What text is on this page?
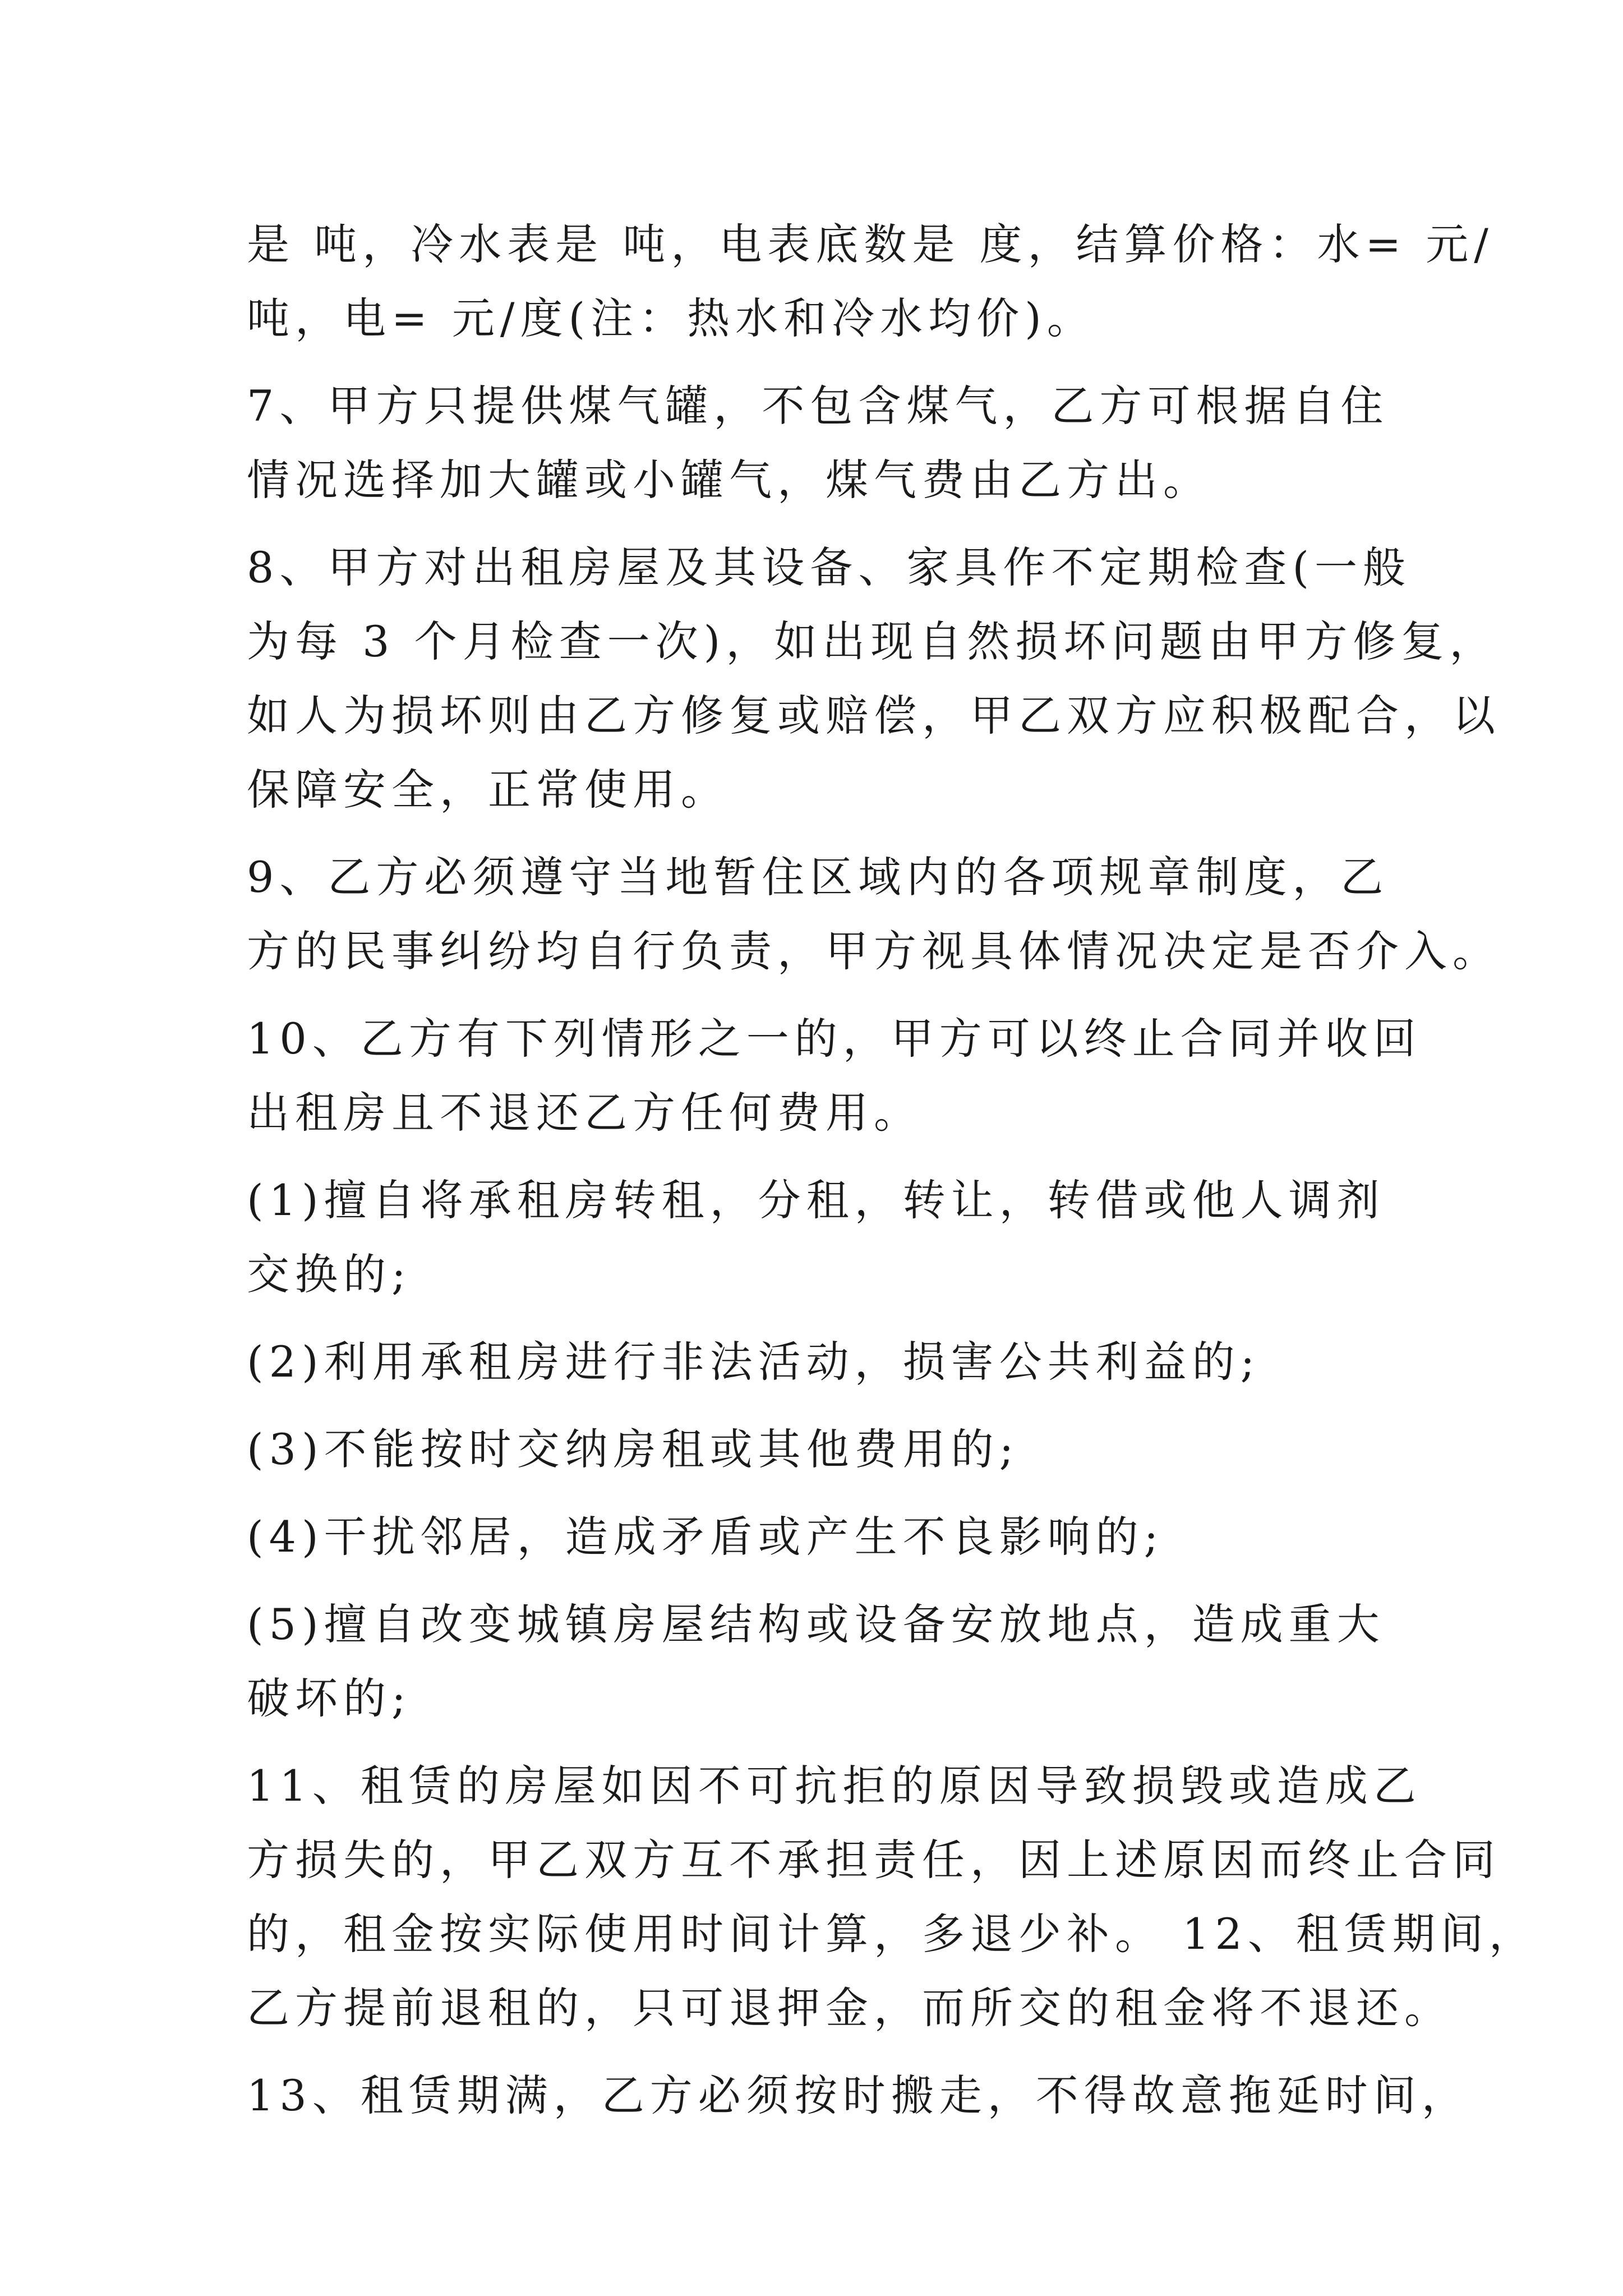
是 吨，冷水表是 吨，电表底数是 度，结算价格：水= 元/
吨，电= 元/度(注：热水和冷水均价)。
7、甲方只提供煤气罐，不包含煤气，乙方可根据自住
情况选择加大罐或小罐气，煤气费由乙方出。
8、甲方对出租房屋及其设备、家具作不定期检查(一般
为每 3 个月检查一次)，如出现自然损坏问题由甲方修复，
如人为损坏则由乙方修复或赔偿，甲乙双方应积极配合，以
保障安全，正常使用。
9、乙方必须遵守当地暂住区域内的各项规章制度，乙
方的民事纠纷均自行负责，甲方视具体情况决定是否介入。
10、乙方有下列情形之一的，甲方可以终止合同并收回
出租房且不退还乙方任何费用。
(1)擅自将承租房转租，分租，转让，转借或他人调剂
交换的;
(2)利用承租房进行非法活动，损害公共利益的;
(3)不能按时交纳房租或其他费用的;
(4)干扰邻居，造成矛盾或产生不良影响的;
(5)擅自改变城镇房屋结构或设备安放地点，造成重大
破坏的;
11、租赁的房屋如因不可抗拒的原因导致损毁或造成乙
方损失的，甲乙双方互不承担责任，因上述原因而终止合同
的，租金按实际使用时间计算，多退少补。 12、租赁期间，
乙方提前退租的，只可退押金，而所交的租金将不退还。
13、租赁期满，乙方必须按时搬走，不得故意拖延时间，
